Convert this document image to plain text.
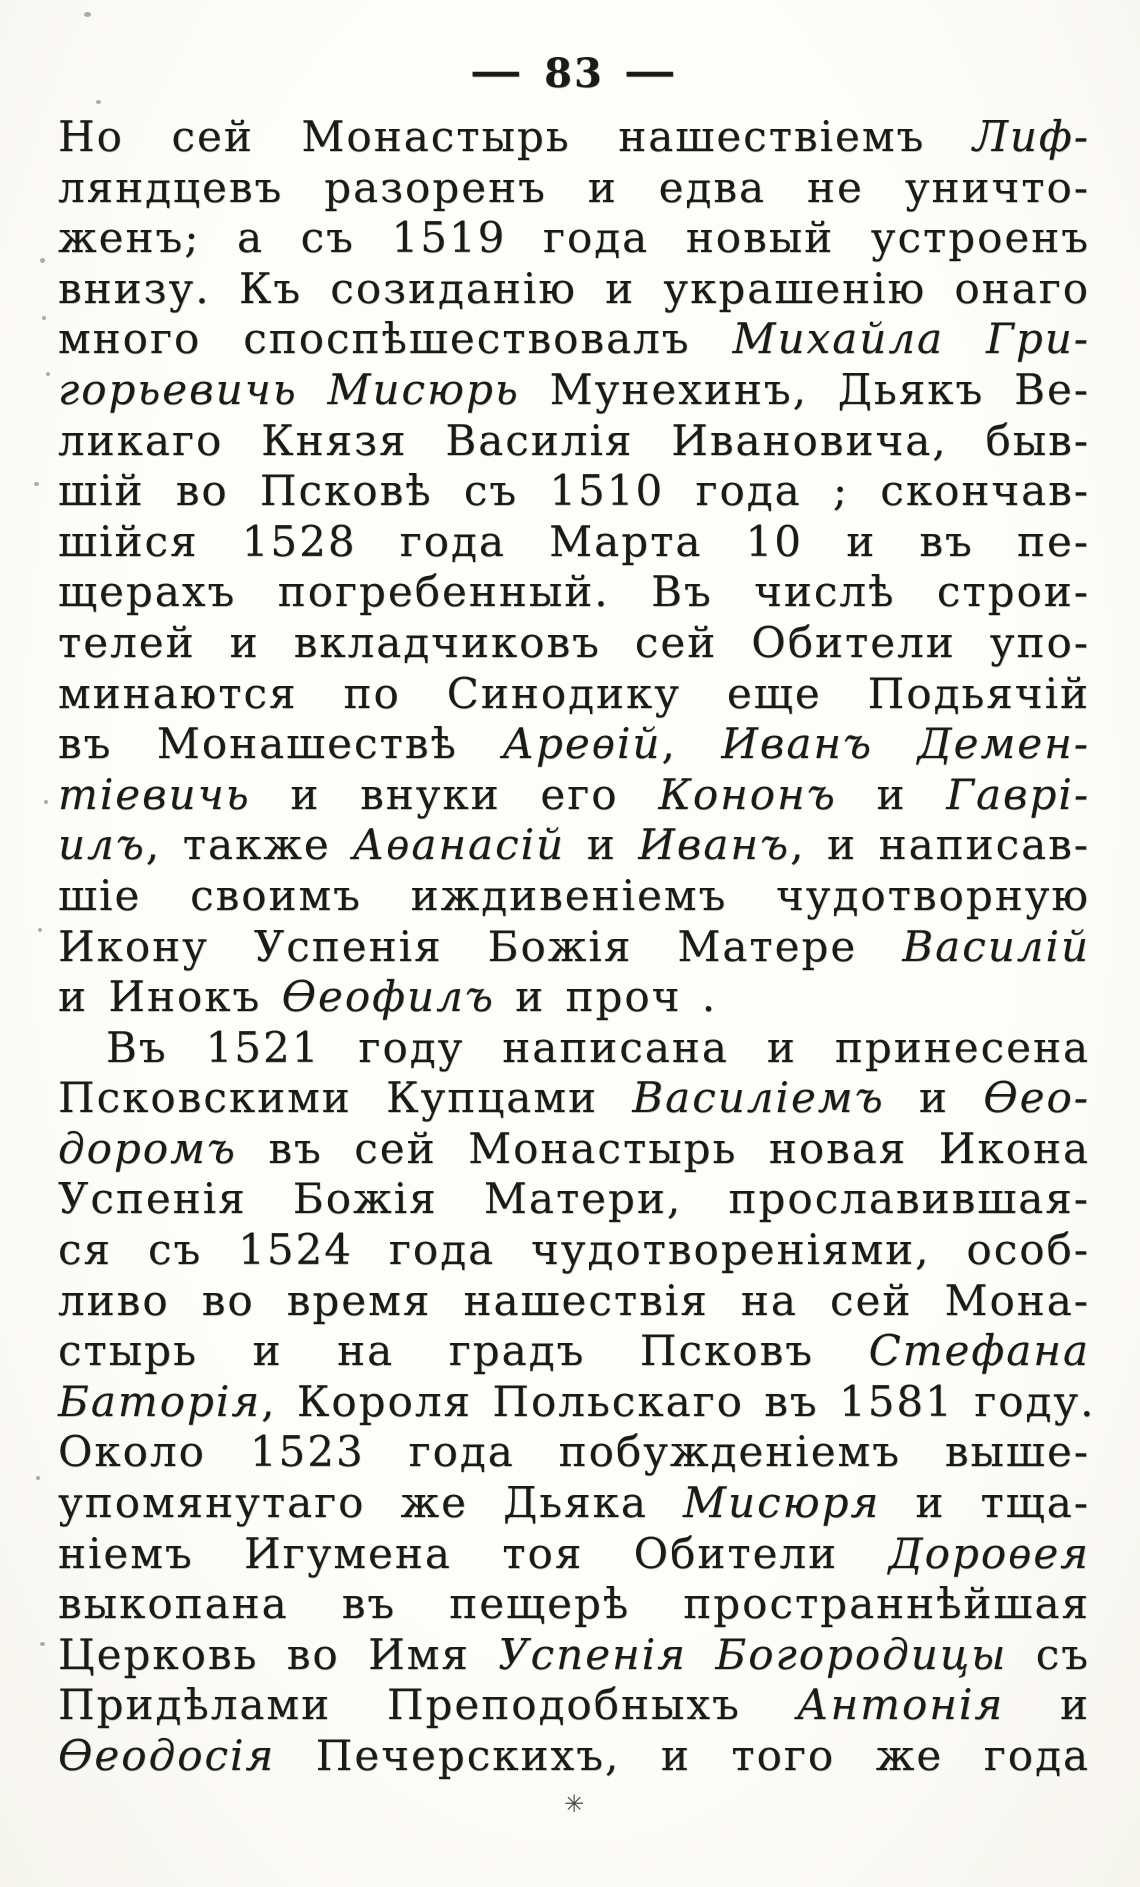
— 83 —
Но сей Монастырь нашествіемъ Лиф-
ляндцевъ разоренъ и едва не уничто-
женъ; а съ 1519 года новый устроенъ
внизу. Къ созиданію и украшенію онаго
много споспѣшествовалъ Михайла Гри-
горьевичь Мисюрь Мунехинъ, Дьякъ Ве-
ликаго Князя Василія Ивановича, быв-
шій во Псковѣ съ 1510 года ; скончав-
шійся 1528 года Марта 10 и въ пе-
щерахъ погребенный. Въ числѣ строи-
телей и вкладчиковъ сей Обители упо-
минаются по Синодику еще Подьячій
въ Монашествѣ Ареѳій, Иванъ Демен-
тіевичь и внуки его Кононъ и Гаврі-
илъ, также Аѳанасій и Иванъ, и написав-
шіе своимъ иждивеніемъ чудотворную
Икону Успенія Божія Матере Василій
и Инокъ Ѳеофилъ и проч .
Въ 1521 году написана и принесена
Псковскими Купцами Василіемъ и Ѳео-
доромъ въ сей Монастырь новая Икона
Успенія Божія Матери, прославившая-
ся съ 1524 года чудотвореніями, особ-
ливо во время нашествія на сей Мона-
стырь и на градъ Псковъ Стефана
Баторія, Короля Польскаго въ 1581 году.
Около 1523 года побужденіемъ выше-
упомянутаго же Дьяка Мисюря и тща-
ніемъ Игумена тоя Обители Дороѳея
выкопана въ пещерѣ пространнѣйшая
Церковь во Имя Успенія Богородицы съ
Придѣлами Преподобныхъ Антонія и
Ѳеодосія Печерскихъ, и того же года
✳
